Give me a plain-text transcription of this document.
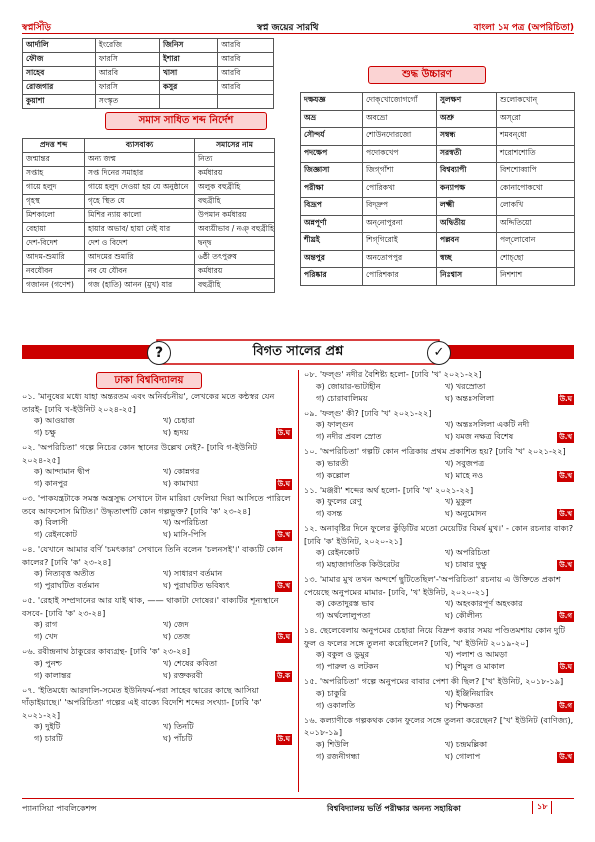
স্বপ্নসিঁড়ি	স্বপ্ন জয়ের সারথি	বাংলা ১ম পত্র (অপরিচিতা)
আর্দালি	ইংরেজি	জিনিস	আরবি
ফৌজ	ফারসি	ইশারা	আরবি
সাহেব	আরবি	খাসা	আরবি
রোজগার	ফারসি	কসুর	আরবি
কুয়াশা	সংস্কৃত		
সমাস সাধিত শব্দ নির্দেশ
প্রদত্ত শব্দ	ব্যাসবাক্য	সমাসের নাম
জন্মান্তর	অন্য জন্ম	নিত্য
সপ্তাহ	সপ্ত দিনের সমাহার	কর্মধারয়
গায়ে হলুদ	গায়ে হলুদ দেওয়া হয় যে অনুষ্ঠানে	অলুক বহুব্রীহি
গৃহস্থ	গৃহে স্থিত যে	বহুব্রীহি
মিশকালো	মিশির ন্যায় কালো	উপমান কর্মধারয়
বেহায়া	হায়ার অভাব/ হায়া নেই যার	অব্যয়ীভাব / নঞ্ বহুব্রীহি
দেশ-বিদেশ	দেশ ও বিদেশ	দ্বন্দ্ব
আদম-শুমারি	আদমের শুমারি	৬ষ্ঠী তৎপুরুষ
নবযৌবন	নব যে যৌবন	কর্মধারয়
গজানন (গণেশ)	গজ (হাতি) আনন (মুখ) যার	বহুব্রীহি
শুদ্ধ উচ্চারণ
দক্ষযজ্ঞ	দোক্‌খোজোগগোঁ	সুলক্ষণ	শুলোকখোন্‌
অভ্র	অবভ্রো	অশ্রু	অস্‌রো
সৌন্দর্য	শোউনদোরজো	সম্বন্ধ	শমবন্‌ধো
পদক্ষেপ	পদোকখেপ	সরস্বতী	শরোশশোতি
জিজ্ঞাসা	জিগ্‌গাঁশা	বিশ্বব্যাপী	বিশশোব্বাপি
পরীক্ষা	পোরিকখা	কন্যাপক্ষ	কোনাপোকখো
বিদ্রূপ	বিদ্দ্রুপ	লক্ষ্মী	লোকখি
অন্নপূর্ণা	অন্‌নোপুরনা	অদ্বিতীয়	অদ্দিতিয়ো
শীঘ্রই	শিগ্‌গিরোই	পল্লবন	পল্‌লোবোন
অন্তপুর	অনতোপপুর	স্বচ্ছ	শোচ্‌ছো
পরিষ্কার	পোরিশকার	নিঃশ্বাস	নিশশাশ
?	বিগত সালের প্রশ্ন	✓
ঢাকা বিশ্ববিদ্যালয়
০১. 'মানুষের মধ্যে যাহা অন্তরতম এবং অনির্বচনীয়', লেখকের মতে কন্ঠস্বর যেন তারই- [ঢাবি খ-ইউনিট ২০২৪-২৫]
ক) আওয়াজ	খ) চেহারা
গ) চক্ষু	ঘ) হৃদয়	উ.ঘ
০২. 'অপরিচিতা' গল্পে নিচের কোন স্থানের উল্লেখ নেই?- [ঢাবি গ-ইউনিট ২০২৪-২৫]
ক) আন্দামান দ্বীপ	খ) কোন্নগর
গ) কানপুর	ঘ) কামাখ্যা	উ.ঘ
০৩. 'পাকযন্ত্রটাকে সমস্ত অন্ত্রসুদ্ধ সেখানে টান মারিয়া ফেলিয়া দিয়া আসিতে পারিলে তবে আফসোস মিটিত।' উদ্ধৃতাংশটি কোন গল্পভুক্ত? [ঢাবি 'ক' ২৩-২৪]
ক) বিলাসী	খ) অপরিচিতা
গ) রেইনকোট	ঘ) মাসি-পিসি	উ.খ
০৪. 'যেখানে আমার বর্ণি 'চমৎকার' সেখানে তিনি বলেন 'চলনসই'।' বাক্যটি কোন কালের? [ঢাবি 'ক' ২৩-২৪]
ক) নিত্যবৃত্ত অতীত	খ) সাধারণ বর্তমান
গ) পুরাঘটিত বর্তমান	ঘ) পুরাঘটিত ভবিষ্যৎ	উ.খ
০৫. 'রেহাই সম্প্রদানের আর যাই থাক, —— থাকাটা দোষের।' বাক্যটির শূন্যস্থানে বসবে- [ঢাবি 'ক' ২৩-২৪]
ক) রাগ	খ) জেদ
গ) খেদ	ঘ) তেজ	উ.ঘ
০৬. রবীন্দ্রনাথ ঠাকুরের কাব্যগ্রন্থ- [ঢাবি 'ক' ২৩-২৪]
ক) পুনশ্চ	খ) শেষের কবিতা
গ) কালান্তর	ঘ) রক্তকরবী	উ.ক
০৭. 'ইতিমধ্যে আরদালি-সমেত ইউনিফর্ম-পরা সাহেব দ্বারের কাছে আসিয়া দাঁড়াইয়াছে।' 'অপরিচিতা' গল্পের এই বাক্যে বিদেশি শব্দের সংখ্যা- [ঢাবি 'ক' ২০২১-২২]
ক) দুইটি	খ) তিনটি
গ) চারটি	ঘ) পাঁচটি	উ.ঘ
০৮. 'ফল্গু' নদীর বৈশিষ্ট্য হলো- [ঢাবি 'খ' ২০২১-২২]
ক) জোয়ার-ভাটাহীন	খ) খরস্রোতা
গ) চোরাবালিময়	ঘ) অন্তঃসলিলা	উ.ঘ
০৯. 'ফল্গু' কী? [ঢাবি 'খ' ২০২১-২২]
ক) ফাল্গুন	খ) অন্তঃসলিলা একটি নদী
গ) নদীর প্রবল স্রোত	ঘ) যমজ নক্ষত্র বিশেষ	উ.খ
১০. 'অপরিচিতা' গল্পটি কোন পত্রিকায় প্রথম প্রকাশিত হয়? [ঢাবি 'খ' ২০২১-২২]
ক) ভারতী	খ) সবুজপত্র
গ) কল্লোল	ঘ) মাহে নও	উ.খ
১১. 'মঞ্জরী' শব্দের অর্থ হলো- [ঢাবি 'খ' ২০২১-২২]
ক) ফুলের রেণু	খ) মুকুল
গ) বসন্ত	ঘ) অনুমোদন	উ.খ
১২. অনাবৃষ্টির দিনে ফুলের কুঁড়িটির মতো মেয়েটির বিমর্ষ মুখ।' - কোন রচনার বাক্য? [ঢাবি 'ক' ইউনিট, ২০২০-২১]
ক) রেইনকোট	খ) অপরিচিতা
গ) মহাজাগতিক কিউরেটর	ঘ) চাষার দুক্ষু	উ.খ
১৩. 'মামার মুখ তখন অন্দর্শে ছুটিতেছিল'-'অপরিচিতা' রচনায় এ উক্তিতে প্রকাশ পেয়েছে অনুপমের মামার- [ঢাবি, 'খ' ইউনিট, ২০২০-২১]
ক) কেতাদুরস্ত ভাব	খ) অহংকারপূর্ণ অহংকার
গ) অর্থলোলুপতা	ঘ) কৌলীন্য	উ.গ
১৪. ছেলেবেলায় অনুপমের চেহারা নিয়ে বিদ্রুপ করার সময় পণ্ডিতমশায় কোন দুটি ফুল ও ফলের সঙ্গে তুলনা করেছিলেন? [ঢাবি, 'খ' ইউনিট ২০১৯-২০]
ক) বকুল ও ডুমুর	খ) পলাশ ও আমড়া
গ) পারুল ও লটকন	ঘ) শিমুল ও মাকাল	উ.ঘ
১৫. 'অপরিচিতা' গল্পে অনুপমের বাবার পেশা কী ছিল? ['খ' ইউনিট, ২০১৮-১৯]
ক) চাকুরি	খ) ইঞ্জিনিয়ারিং
গ) ওকালতি	ঘ) শিক্ষকতা	উ.গ
১৬. কল্যাণীকে গল্পকথক কোন ফুলের সঙ্গে তুলনা করেছেন? ['খ' ইউনিট (বাণিজ্য), ২০১৮-১৯]
ক) শিউলি	খ) চন্দ্রমল্লিকা
গ) রজনীগন্ধা	ঘ) গোলাপ	উ.খ
প্যানাসিয়া পাবলিকেশন্স	বিশ্ববিদ্যালয় ভর্তি পরীক্ষার অনন্য সহায়িকা	১৮
